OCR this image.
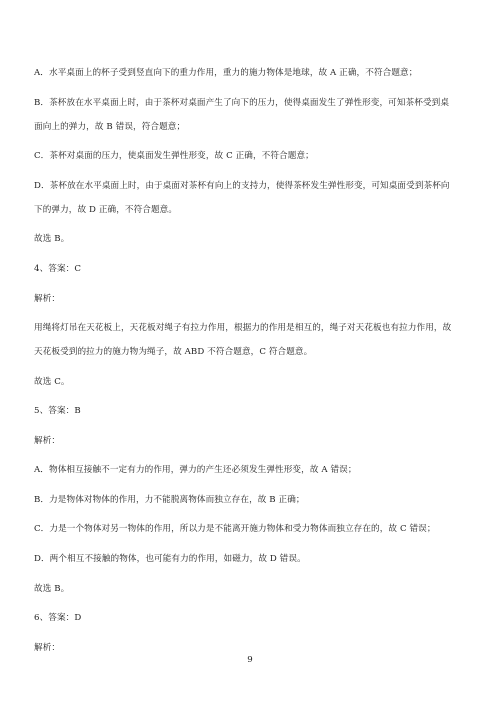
A．水平桌面上的杯子受到竖直向下的重力作用，重力的施力物体是地球，故 A 正确，不符合题意；
B．茶杯放在水平桌面上时，由于茶杯对桌面产生了向下的压力，使得桌面发生了弹性形变，可知茶杯受到桌
面向上的弹力，故 B 错误，符合题意；
C．茶杯对桌面的压力，使桌面发生弹性形变，故 C 正确，不符合题意；
D．茶杯放在水平桌面上时，由于桌面对茶杯有向上的支持力，使得茶杯发生弹性形变，可知桌面受到茶杯向
下的弹力，故 D 正确，不符合题意。
故选 B。
4、答案：C
解析：
用绳将灯吊在天花板上，天花板对绳子有拉力作用，根据力的作用是相互的，绳子对天花板也有拉力作用，故
天花板受到的拉力的施力物为绳子，故 ABD 不符合题意，C 符合题意。
故选 C。
5、答案：B
解析：
A．物体相互接触不一定有力的作用，弹力的产生还必须发生弹性形变，故 A 错误；
B．力是物体对物体的作用，力不能脱离物体而独立存在，故 B 正确；
C．力是一个物体对另一物体的作用，所以力是不能离开施力物体和受力物体而独立存在的，故 C 错误；
D．两个相互不接触的物体，也可能有力的作用，如磁力，故 D 错误。
故选 B。
6、答案：D
解析：
9
